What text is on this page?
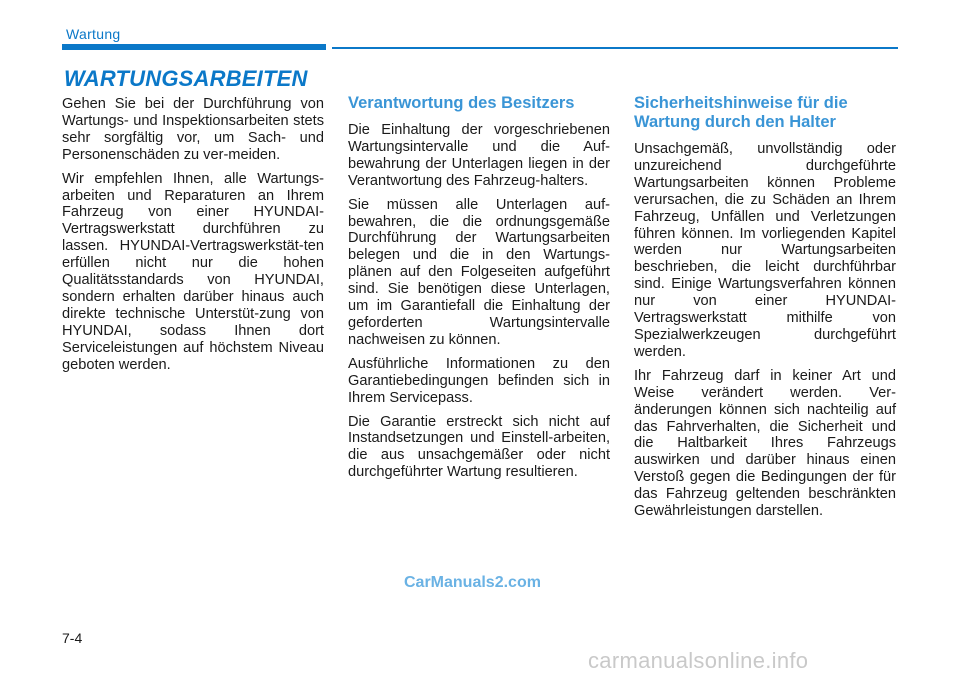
Wartung
WARTUNGSARBEITEN

Gehen Sie bei der Durchführung von Wartungs- und Inspektionsarbeiten stets sehr sorgfältig vor, um Sach- und Personenschäden zu ver-meiden.

Wir empfehlen Ihnen, alle Wartungs-arbeiten und Reparaturen an Ihrem Fahrzeug von einer HYUNDAI-Vertragswerkstatt durchführen zu lassen. HYUNDAI-Vertragswerkstät-ten erfüllen nicht nur die hohen Qualitätsstandards von HYUNDAI, sondern erhalten darüber hinaus auch direkte technische Unterstüt-zung von HYUNDAI, sodass Ihnen dort Serviceleistungen auf höchstem Niveau geboten werden.

Verantwortung des Besitzers

Die Einhaltung der vorgeschriebenen Wartungsintervalle und die Auf-bewahrung der Unterlagen liegen in der Verantwortung des Fahrzeug-halters.

Sie müssen alle Unterlagen auf-bewahren, die die ordnungsgemäße Durchführung der Wartungsarbeiten belegen und die in den Wartungs-plänen auf den Folgeseiten aufgeführt sind. Sie benötigen diese Unterlagen, um im Garantiefall die Einhaltung der geforderten Wartungsintervalle nachweisen zu können.

Ausführliche Informationen zu den Garantiebedingungen befinden sich in Ihrem Servicepass.

Die Garantie erstreckt sich nicht auf Instandsetzungen und Einstell-arbeiten, die aus unsachgemäßer oder nicht durchgeführter Wartung resultieren.

Sicherheitshinweise für die Wartung durch den Halter

Unsachgemäß, unvollständig oder unzureichend durchgeführte Wartungsarbeiten können Probleme verursachen, die zu Schäden an Ihrem Fahrzeug, Unfällen und Verletzungen führen können. Im vorliegenden Kapitel werden nur Wartungsarbeiten beschrieben, die leicht durchführbar sind. Einige Wartungsverfahren können nur von einer HYUNDAI-Vertragswerkstatt mithilfe von Spezialwerkzeugen durchgeführt werden.

Ihr Fahrzeug darf in keiner Art und Weise verändert werden. Ver-änderungen können sich nachteilig auf das Fahrverhalten, die Sicherheit und die Haltbarkeit Ihres Fahrzeugs auswirken und darüber hinaus einen Verstoß gegen die Bedingungen der für das Fahrzeug geltenden beschränkten Gewährleistungen darstellen.

CarManuals2.com
7-4
carmanualsonline.info
